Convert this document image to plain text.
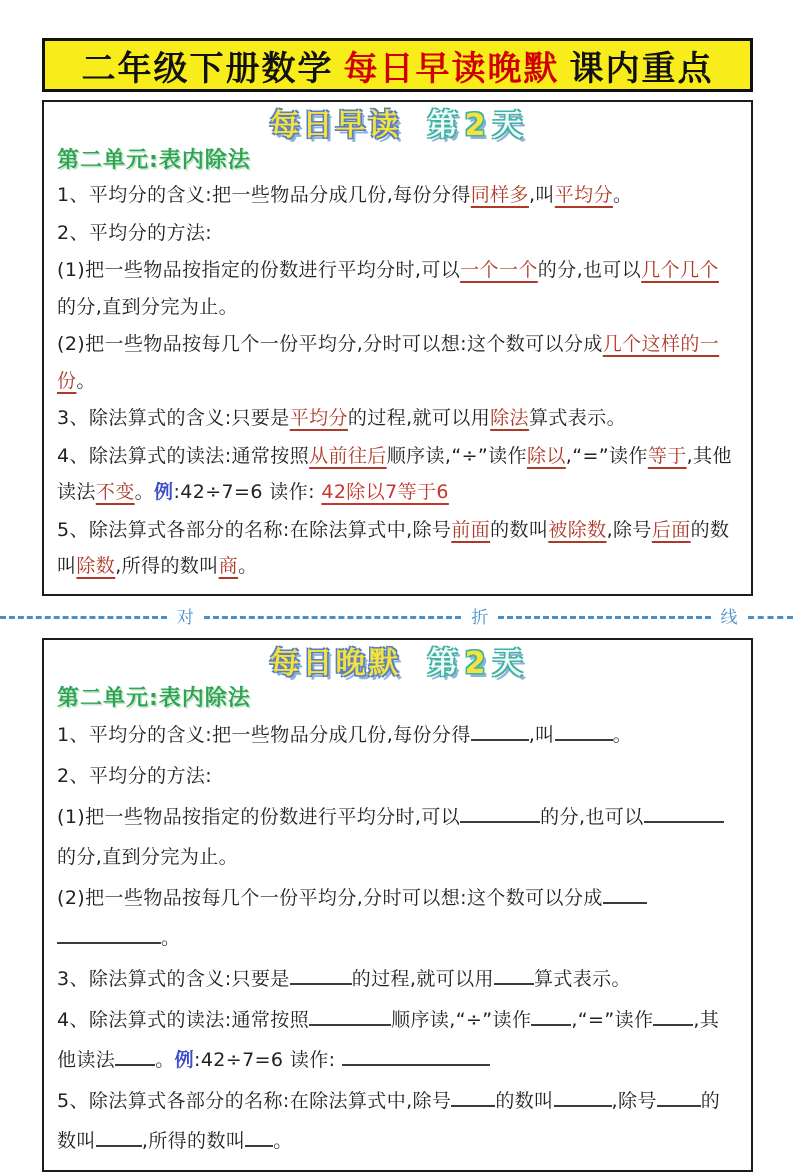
二年级下册数学 每日早读晚默 课内重点
每日早读 第 2 天
第二单元:表内除法
1、平均分的含义:把一些物品分成几份,每份分得同样多,叫平均分。
2、平均分的方法:
(1)把一些物品按指定的份数进行平均分时,可以一个一个的分,也可以几个几个的分,直到分完为止。
(2)把一些物品按每几个一份平均分,分时可以想:这个数可以分成几个这样的一份。
3、除法算式的含义:只要是平均分的过程,就可以用除法算式表示。
4、除法算式的读法:通常按照从前往后顺序读,“÷”读作除以,“=”读作等于,其他读法不变。例:42÷7=6 读作: 42除以7等于6
5、除法算式各部分的名称:在除法算式中,除号前面的数叫被除数,除号后面的数叫除数,所得的数叫商。
对	折	线
每日晚默 第 2 天
第二单元:表内除法
1、平均分的含义:把一些物品分成几份,每份分得	,叫	。
2、平均分的方法:
(1)把一些物品按指定的份数进行平均分时,可以	的分,也可以的分,直到分完为止。
(2)把一些物品按每几个一份平均分,分时可以想:这个数可以分成。
3、除法算式的含义:只要是	的过程,就可以用 算式表示。
4、除法算式的读法:通常按照	顺序读,“÷”读作 ,“=”读作 ,其他读法 。例:42÷7=6 读作:
5、除法算式各部分的名称:在除法算式中,除号 的数叫	,除号 的数叫 ,所得的数叫 。
